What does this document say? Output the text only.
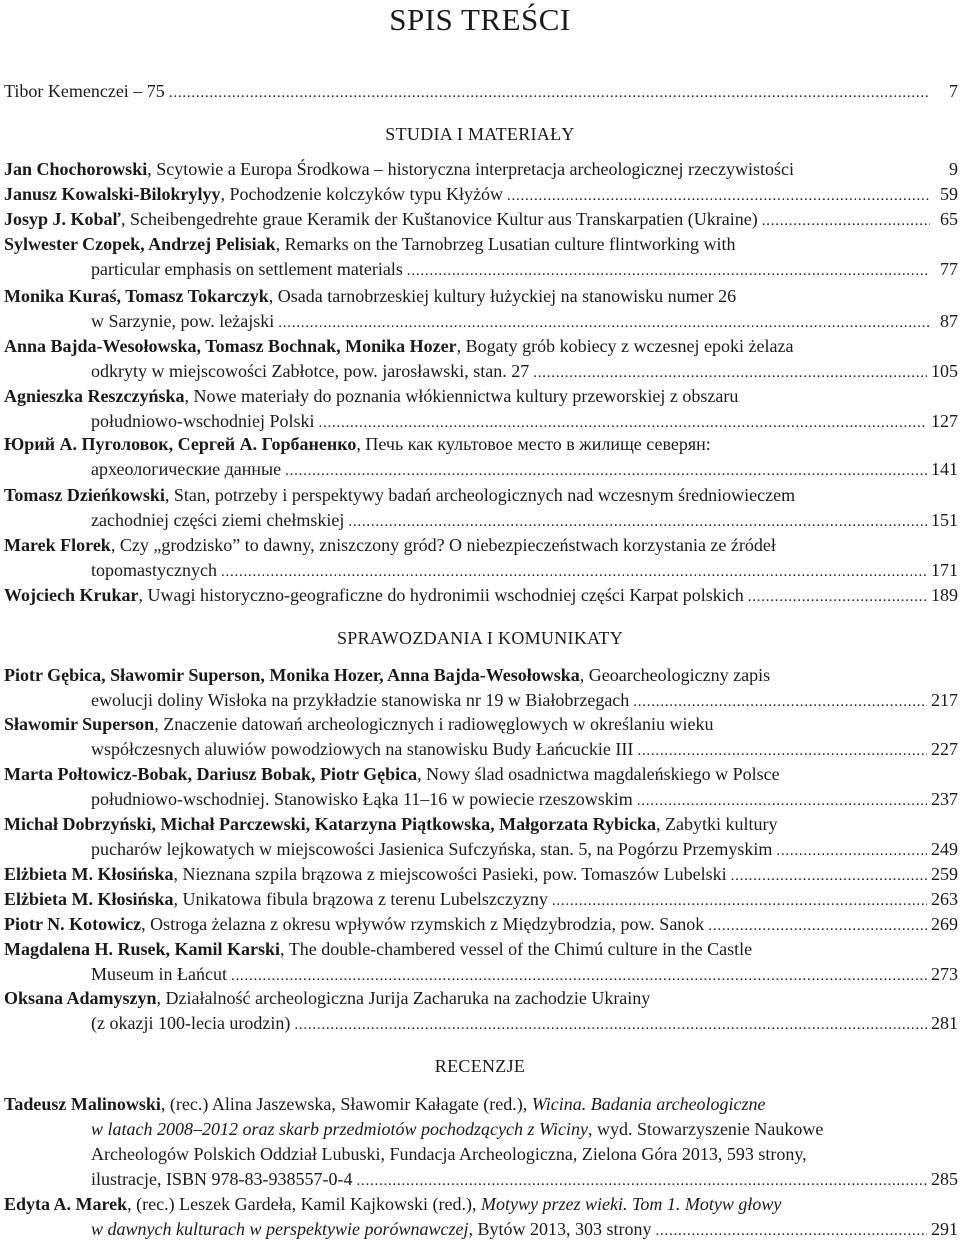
SPIS TREŚCI
Tibor Kemenczei – 75 . . .	7
STUDIA I MATERIAŁY
Jan Chochorowski, Scytowie a Europa Środkowa – historyczna interpretacja archeologicznej rzeczywistości	9
Janusz Kowalski-Bilokrylyy, Pochodzenie kolczyków typu Kłyżów . . .	59
Josyp J. Kobaľ, Scheibengedrehte graue Keramik der Kuštanovice Kultur aus Transkarpatien (Ukraine) . . .	65
Sylwester Czopek, Andrzej Pelisiak, Remarks on the Tarnobrzeg Lusatian culture flintworking with
particular emphasis on settlement materials . . .	77
Monika Kuraś, Tomasz Tokarczyk, Osada tarnobrzeskiej kultury łużyckiej na stanowisku numer 26
w Sarzynie, pow. leżajski . . .	87
Anna Bajda-Wesołowska, Tomasz Bochnak, Monika Hozer, Bogaty grób kobiecy z wczesnej epoki żelaza
odkryty w miejscowości Zabłotce, pow. jarosławski, stan. 27 . . .	105
Agnieszka Reszczyńska, Nowe materiały do poznania włókiennictwa kultury przeworskiej z obszaru
południowo-wschodniej Polski . . .	127
Юрий А. Пуголовок, Сергей А. Горбаненко, Печь как культовое место в жилище северян:
археологические данные . . .	141
Tomasz Dzieńkowski, Stan, potrzeby i perspektywy badań archeologicznych nad wczesnym średniowieczem
zachodniej części ziemi chełmskiej . . .	151
Marek Florek, Czy „grodzisko” to dawny, zniszczony gród? O niebezpieczeństwach korzystania ze źródeł
topomastycznych . . .	171
Wojciech Krukar, Uwagi historyczno-geograficzne do hydronimii wschodniej części Karpat polskich . . .	189
SPRAWOZDANIA I KOMUNIKATY
Piotr Gębica, Sławomir Superson, Monika Hozer, Anna Bajda-Wesołowska, Geoarcheologiczny zapis
ewolucji doliny Wisłoka na przykładzie stanowiska nr 19 w Białobrzegach . . .	217
Sławomir Superson, Znaczenie datowań archeologicznych i radiowęglowych w określaniu wieku
współczesnych aluwiów powodziowych na stanowisku Budy Łańcuckie III . . .	227
Marta Połtowicz-Bobak, Dariusz Bobak, Piotr Gębica, Nowy ślad osadnictwa magdaleńskiego w Polsce
południowo-wschodniej. Stanowisko Łąka 11–16 w powiecie rzeszowskim . . .	237
Michał Dobrzyński, Michał Parczewski, Katarzyna Piątkowska, Małgorzata Rybicka, Zabytki kultury
pucharów lejkowatych w miejscowości Jasienica Sufczyńska, stan. 5, na Pogórzu Przemyskim . . .	249
Elżbieta M. Kłosińska, Nieznana szpila brązowa z miejscowości Pasieki, pow. Tomaszów Lubelski . . .	259
Elżbieta M. Kłosińska, Unikatowa fibula brązowa z terenu Lubelszczyzny . . .	263
Piotr N. Kotowicz, Ostroga żelazna z okresu wpływów rzymskich z Międzybrodzia, pow. Sanok . . .	269
Magdalena H. Rusek, Kamil Karski, The double-chambered vessel of the Chimú culture in the Castle
Museum in Łańcut . . .	273
Oksana Adamyszyn, Działalność archeologiczna Jurija Zacharuka na zachodzie Ukrainy
(z okazji 100-lecia urodzin) . . .	281
RECENZJE
Tadeusz Malinowski, (rec.) Alina Jaszewska, Sławomir Kałagate (red.), Wicina. Badania archeologiczne
w latach 2008–2012 oraz skarb przedmiotów pochodzących z Wiciny, wyd. Stowarzyszenie Naukowe
Archeologów Polskich Oddział Lubuski, Fundacja Archeologiczna, Zielona Góra 2013, 593 strony,
ilustracje, ISBN 978-83-938557-0-4 . . .	285
Edyta A. Marek, (rec.) Leszek Gardeła, Kamil Kajkowski (red.), Motywy przez wieki. Tom 1. Motyw głowy
w dawnych kulturach w perspektywie porównawczej, Bytów 2013, 303 strony . . .	291
